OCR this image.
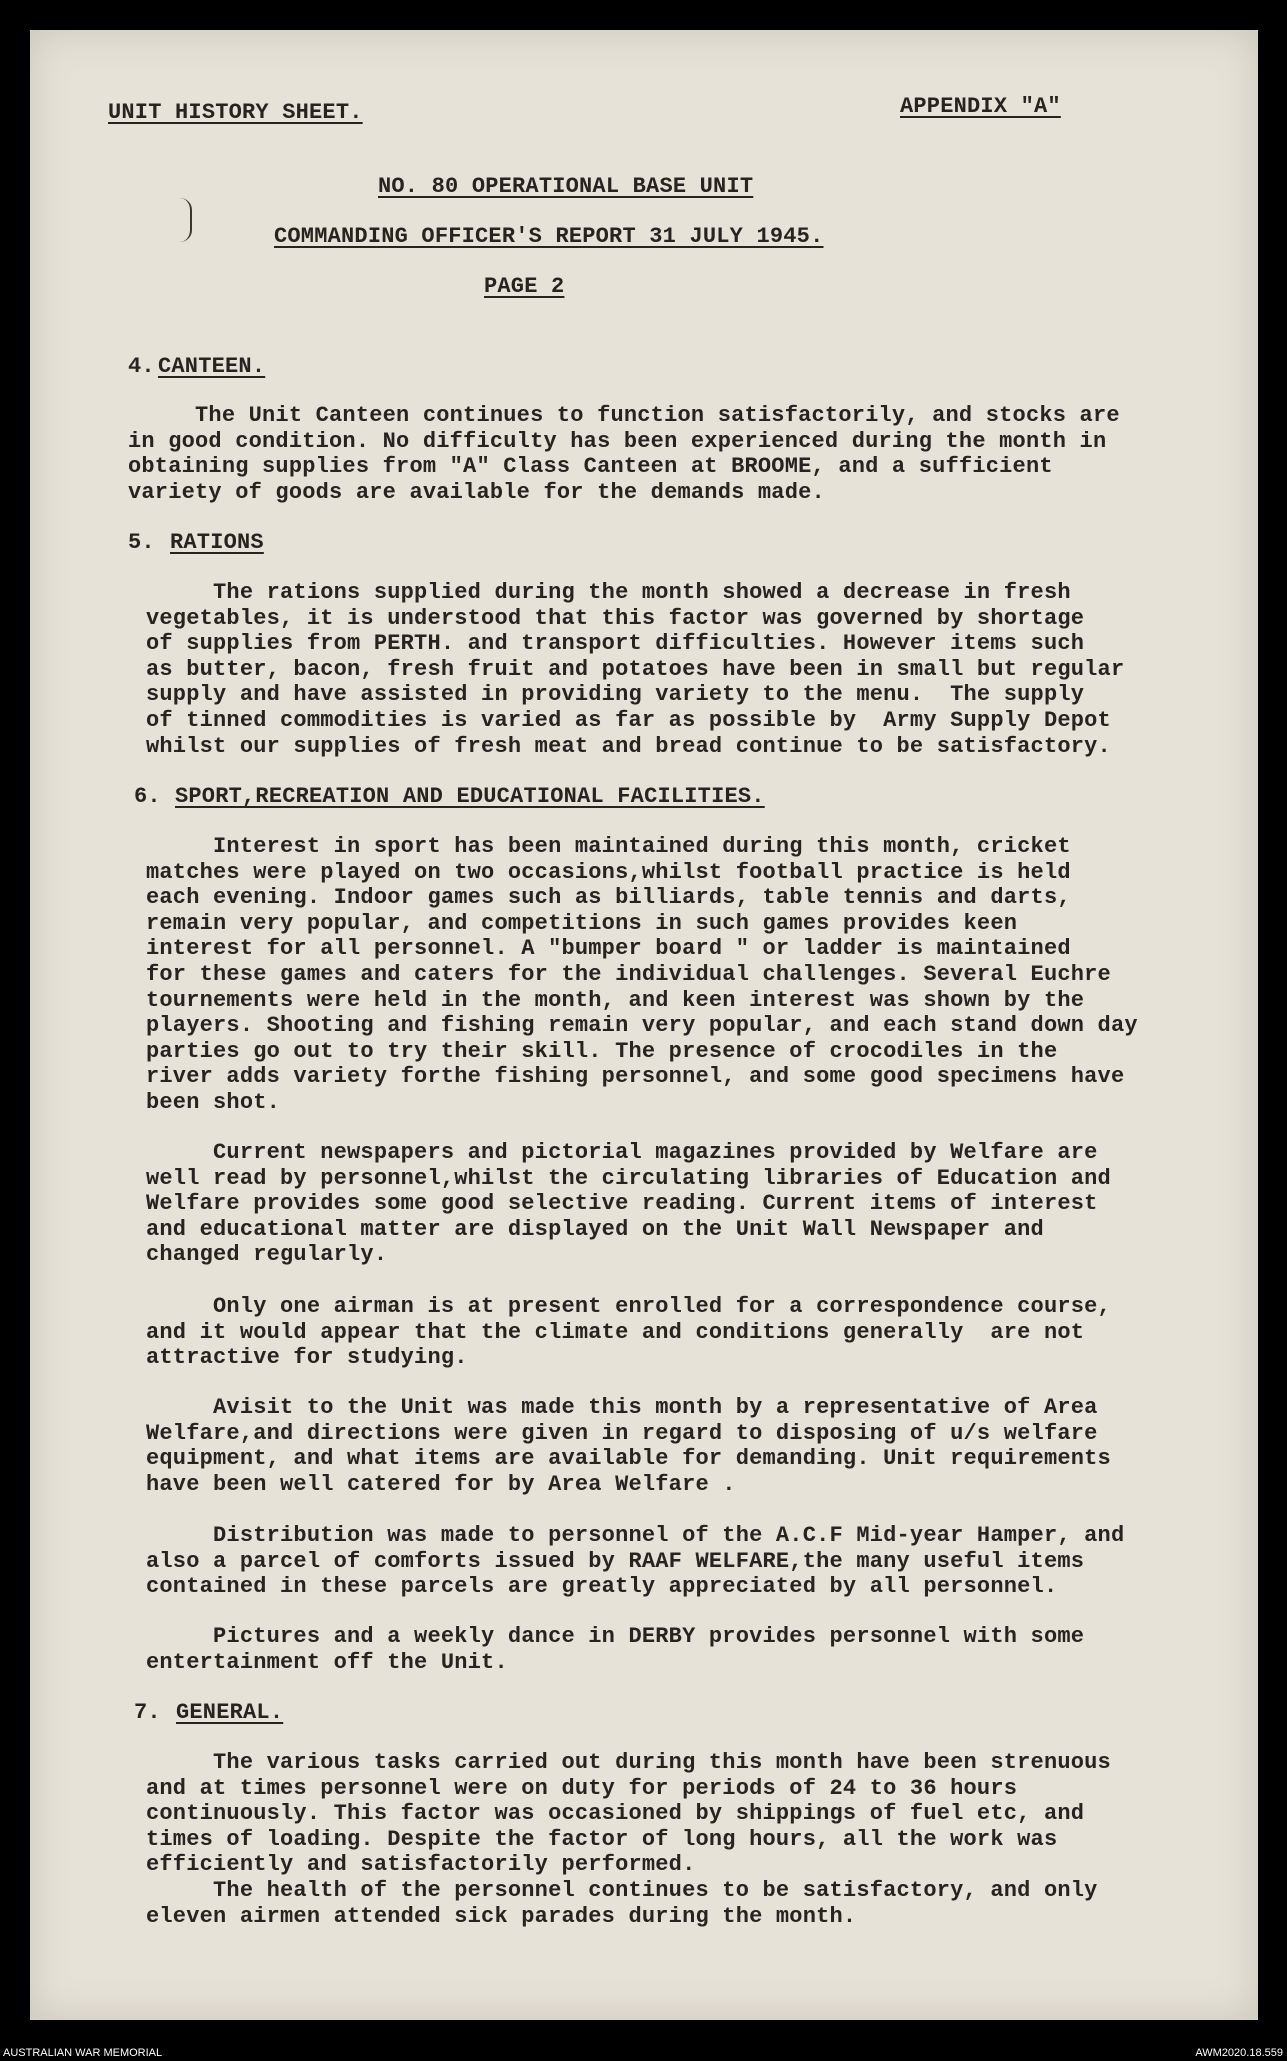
UNIT HISTORY SHEET.	APPENDIX "A"
NO. 80 OPERATIONAL BASE UNIT
COMMANDING OFFICER'S REPORT 31 JULY 1945.
PAGE 2
4. CANTEEN.
The Unit Canteen continues to function satisfactorily, and stocks are
in good condition. No difficulty has been experienced during the month in
obtaining supplies from "A" Class Canteen at BROOME, and a sufficient
variety of goods are available for the demands made.
5. RATIONS
The rations supplied during the month showed a decrease in fresh
vegetables, it is understood that this factor was governed by shortage
of supplies from PERTH. and transport difficulties. However items such
as butter, bacon, fresh fruit and potatoes have been in small but regular
supply and have assisted in providing variety to the menu.  The supply
of tinned commodities is varied as far as possible by  Army Supply Depot
whilst our supplies of fresh meat and bread continue to be satisfactory.
6. SPORT,RECREATION AND EDUCATIONAL FACILITIES.
Interest in sport has been maintained during this month, cricket
matches were played on two occasions,whilst football practice is held
each evening. Indoor games such as billiards, table tennis and darts,
remain very popular, and competitions in such games provides keen
interest for all personnel. A "bumper board " or ladder is maintained
for these games and caters for the individual challenges. Several Euchre
tournements were held in the month, and keen interest was shown by the
players. Shooting and fishing remain very popular, and each stand down day
parties go out to try their skill. The presence of crocodiles in the
river adds variety forthe fishing personnel, and some good specimens have
been shot.
Current newspapers and pictorial magazines provided by Welfare are
well read by personnel,whilst the circulating libraries of Education and
Welfare provides some good selective reading. Current items of interest
and educational matter are displayed on the Unit Wall Newspaper and
changed regularly.
Only one airman is at present enrolled for a correspondence course,
and it would appear that the climate and conditions generally  are not
attractive for studying.
Avisit to the Unit was made this month by a representative of Area
Welfare,and directions were given in regard to disposing of u/s welfare
equipment, and what items are available for demanding. Unit requirements
have been well catered for by Area Welfare .
Distribution was made to personnel of the A.C.F Mid-year Hamper, and
also a parcel of comforts issued by RAAF WELFARE,the many useful items
contained in these parcels are greatly appreciated by all personnel.
Pictures and a weekly dance in DERBY provides personnel with some
entertainment off the Unit.
7. GENERAL.
The various tasks carried out during this month have been strenuous
and at times personnel were on duty for periods of 24 to 36 hours
continuously. This factor was occasioned by shippings of fuel etc, and
times of loading. Despite the factor of long hours, all the work was
efficiently and satisfactorily performed.
The health of the personnel continues to be satisfactory, and only
eleven airmen attended sick parades during the month.
AUSTRALIAN WAR MEMORIAL	AWM2020.18.559
